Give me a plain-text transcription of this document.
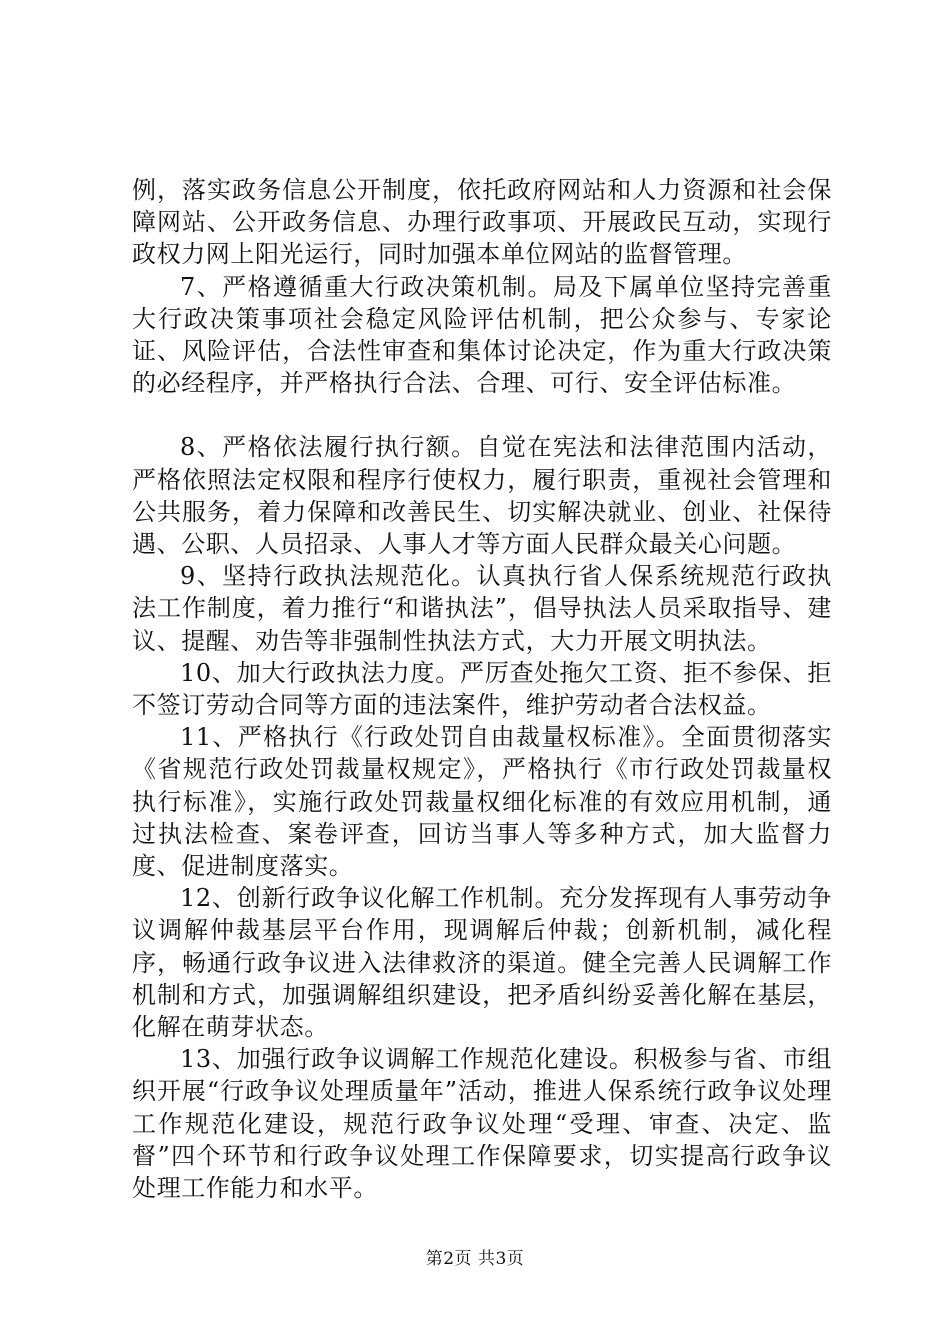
例，落实政务信息公开制度，依托政府网站和人力资源和社会保障网站、公开政务信息、办理行政事项、开展政民互动，实现行政权力网上阳光运行，同时加强本单位网站的监督管理。

7、严格遵循重大行政决策机制。局及下属单位坚持完善重大行政决策事项社会稳定风险评估机制，把公众参与、专家论证、风险评估，合法性审查和集体讨论决定，作为重大行政决策的必经程序，并严格执行合法、合理、可行、安全评估标准。

8、严格依法履行执行额。自觉在宪法和法律范围内活动，严格依照法定权限和程序行使权力，履行职责，重视社会管理和公共服务，着力保障和改善民生、切实解决就业、创业、社保待遇、公职、人员招录、人事人才等方面人民群众最关心问题。

9、坚持行政执法规范化。认真执行省人保系统规范行政执法工作制度，着力推行“和谐执法”，倡导执法人员采取指导、建议、提醒、劝告等非强制性执法方式，大力开展文明执法。

10、加大行政执法力度。严厉查处拖欠工资、拒不参保、拒不签订劳动合同等方面的违法案件，维护劳动者合法权益。

11、严格执行《行政处罚自由裁量权标准》。全面贯彻落实《省规范行政处罚裁量权规定》，严格执行《市行政处罚裁量权执行标准》，实施行政处罚裁量权细化标准的有效应用机制，通过执法检查、案卷评查，回访当事人等多种方式，加大监督力度、促进制度落实。

12、创新行政争议化解工作机制。充分发挥现有人事劳动争议调解仲裁基层平台作用，现调解后仲裁；创新机制，减化程序，畅通行政争议进入法律救济的渠道。健全完善人民调解工作机制和方式，加强调解组织建设，把矛盾纠纷妥善化解在基层，化解在萌芽状态。

13、加强行政争议调解工作规范化建设。积极参与省、市组织开展“行政争议处理质量年”活动，推进人保系统行政争议处理工作规范化建设，规范行政争议处理“受理、审查、决定、监督”四个环节和行政争议处理工作保障要求，切实提高行政争议处理工作能力和水平。

第2页 共3页
